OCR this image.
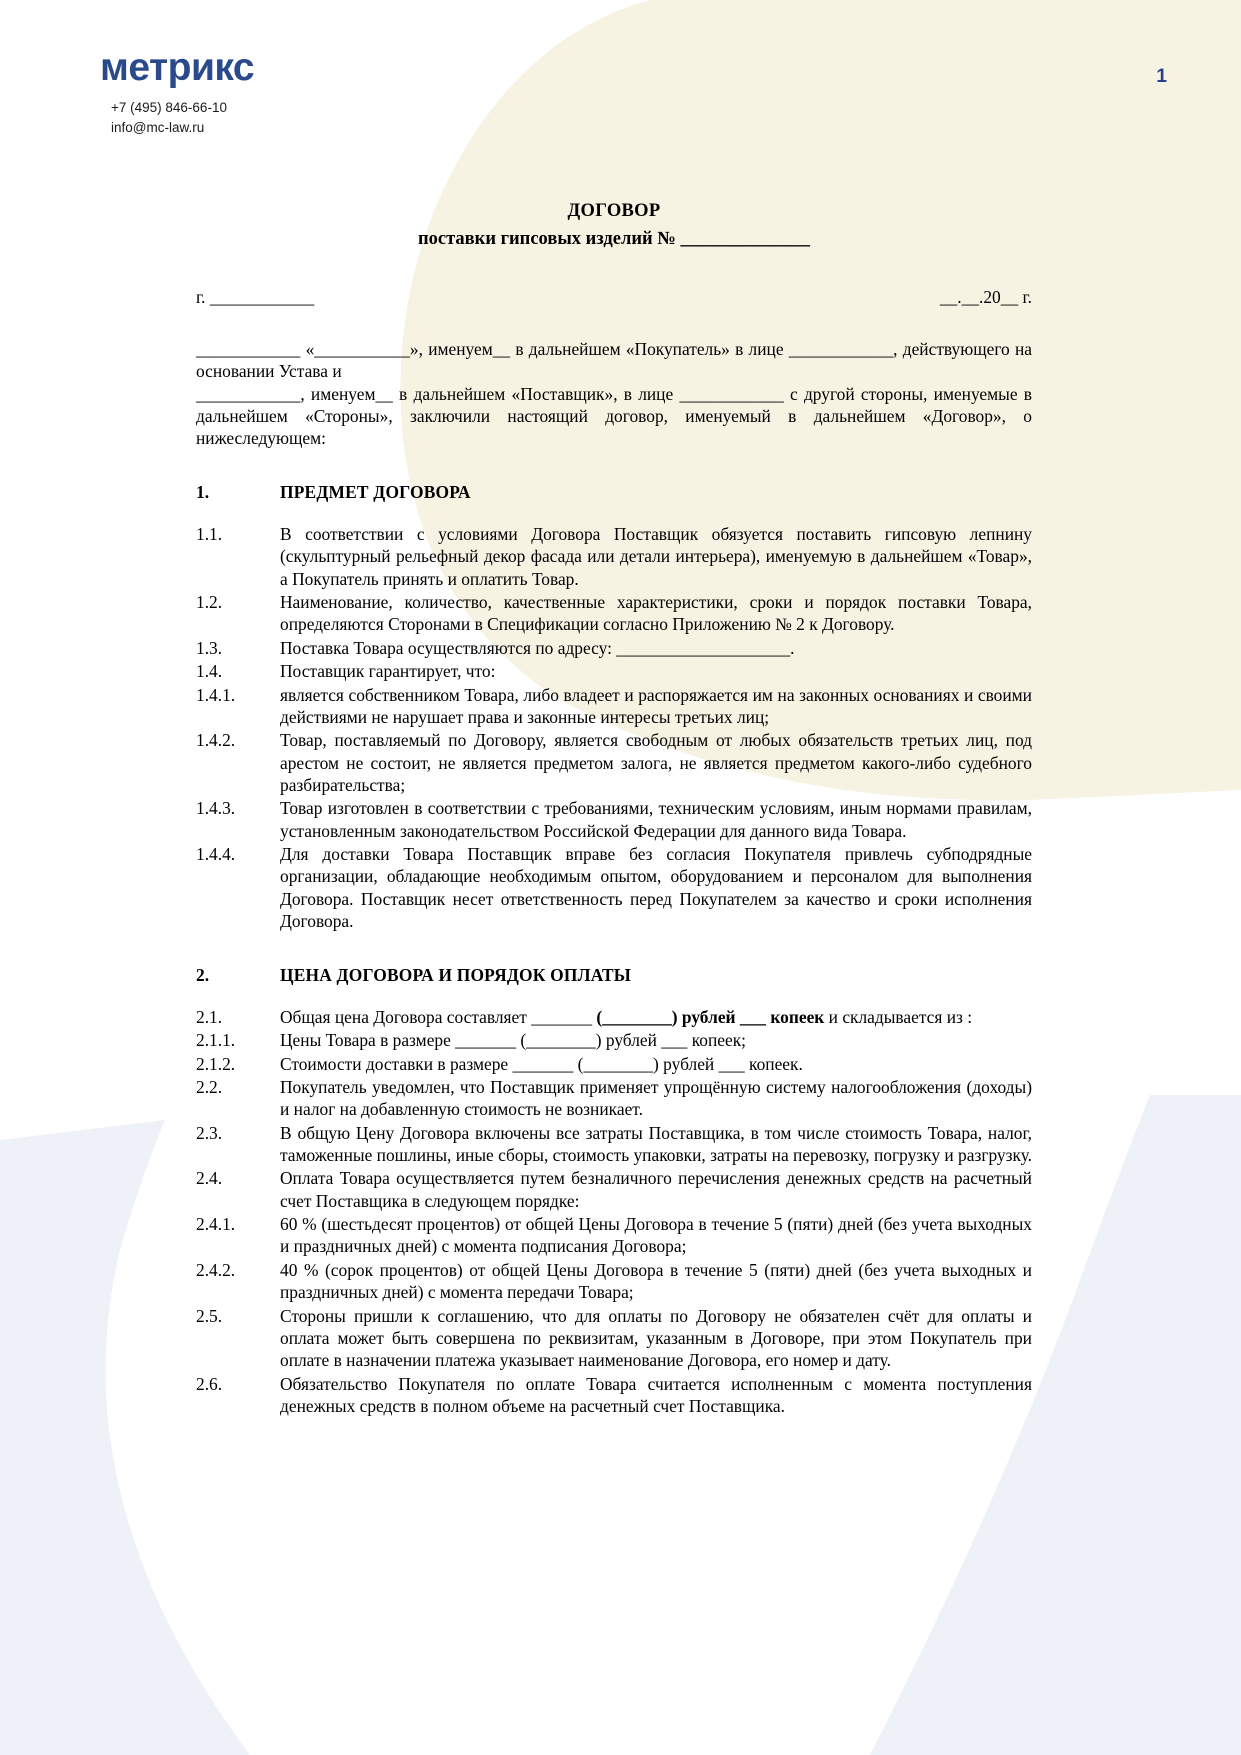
метрикс
+7 (495) 846-66-10
info@mc-law.ru
1
ДОГОВОР
поставки гипсовых изделий № ______________
г. ____________	__.__.20__ г.

____________ «___________», именуем__ в дальнейшем «Покупатель» в лице ____________, действующего на основании Устава и

____________, именуем__ в дальнейшем «Поставщик», в лице ____________ с другой стороны, именуемые в дальнейшем «Стороны», заключили настоящий договор, именуемый в дальнейшем «Договор», о нижеследующем:

1.	ПРЕДМЕТ ДОГОВОРА
1.1.	В соответствии с условиями Договора Поставщик обязуется поставить гипсовую лепнину (скульптурный рельефный декор фасада или детали интерьера), именуемую в дальнейшем «Товар», а Покупатель принять и оплатить Товар.
1.2.	Наименование, количество, качественные характеристики, сроки и порядок поставки Товара, определяются Сторонами в Спецификации согласно Приложению № 2 к Договору.
1.3.	Поставка Товара осуществляются по адресу: ____________________.
1.4.	Поставщик гарантирует, что:
1.4.1.	является собственником Товара, либо владеет и распоряжается им на законных основаниях и своими действиями не нарушает права и законные интересы третьих лиц;
1.4.2.	Товар, поставляемый по Договору, является свободным от любых обязательств третьих лиц, под арестом не состоит, не является предметом залога, не является предметом какого-либо судебного разбирательства;
1.4.3.	Товар изготовлен в соответствии с требованиями, техническим условиям, иным нормами правилам, установленным законодательством Российской Федерации для данного вида Товара.
1.4.4.	Для доставки Товара Поставщик вправе без согласия Покупателя привлечь субподрядные организации, обладающие необходимым опытом, оборудованием и персоналом для выполнения Договора. Поставщик несет ответственность перед Покупателем за качество и сроки исполнения Договора.
2.	ЦЕНА ДОГОВОРА И ПОРЯДОК ОПЛАТЫ
2.1.	Общая цена Договора составляет _______ (________) рублей ___ копеек и складывается из :
2.1.1.	Цены Товара в размере _______ (________) рублей ___ копеек;
2.1.2.	Стоимости доставки в размере _______ (________) рублей ___ копеек.
2.2.	Покупатель уведомлен, что Поставщик применяет упрощённую систему налогообложения (доходы) и налог на добавленную стоимость не возникает.
2.3.	В общую Цену Договора включены все затраты Поставщика, в том числе стоимость Товара, налог, таможенные пошлины, иные сборы, стоимость упаковки, затраты на перевозку, погрузку и разгрузку.
2.4.	Оплата Товара осуществляется путем безналичного перечисления денежных средств на расчетный счет Поставщика в следующем порядке:
2.4.1.	60 % (шестьдесят процентов) от общей Цены Договора в течение 5 (пяти) дней (без учета выходных и праздничных дней) с момента подписания Договора;
2.4.2.	40 % (сорок процентов) от общей Цены Договора в течение 5 (пяти) дней (без учета выходных и праздничных дней) с момента передачи Товара;
2.5.	Стороны пришли к соглашению, что для оплаты по Договору не обязателен счёт для оплаты и оплата может быть совершена по реквизитам, указанным в Договоре, при этом Покупатель при оплате в назначении платежа указывает наименование Договора, его номер и дату.
2.6.	Обязательство Покупателя по оплате Товара считается исполненным с момента поступления денежных средств в полном объеме на расчетный счет Поставщика.
